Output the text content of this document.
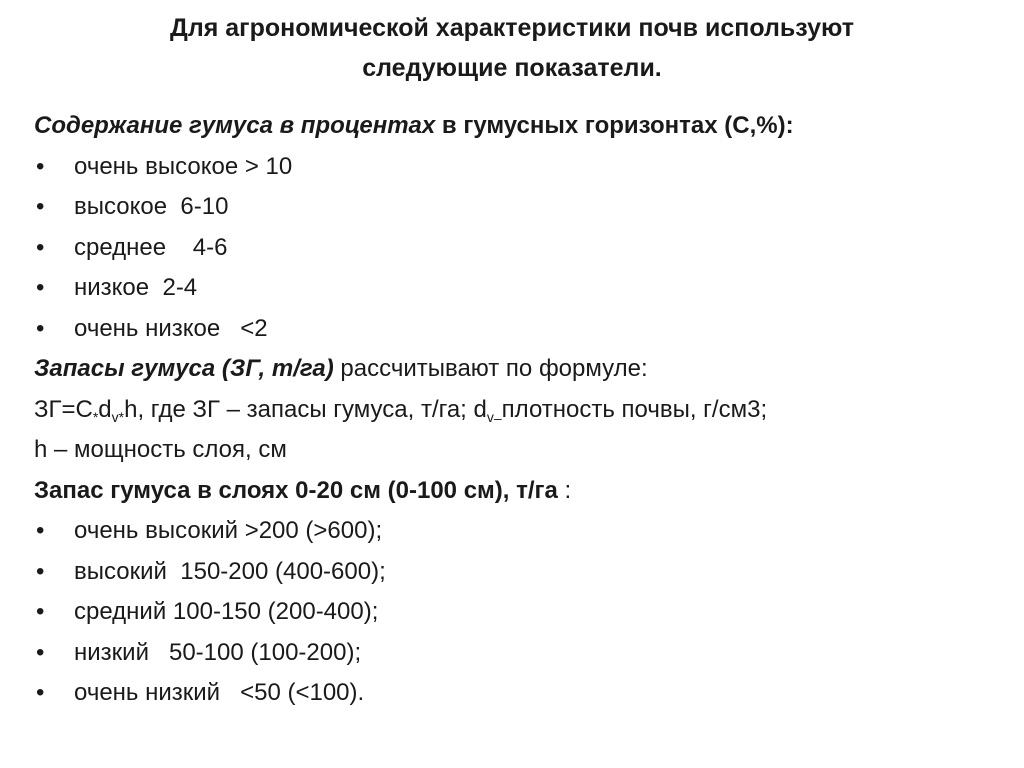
Для агрономической характеристики почв используют
следующие показатели.
Содержание гумуса в процентах в гумусных горизонтах (С,%):
•	очень высокое > 10
•	высокое  6-10
•	среднее    4-6
•	низкое  2-4
•	очень низкое   <2
Запасы гумуса (ЗГ, т/га) рассчитывают по формуле:
$ЗГ=С_*d_{v*}h$, где ЗГ – запасы гумуса, т/га; $d_{v-}плотность$ почвы, г/см3;
h – мощность слоя, см
Запас гумуса в слоях 0-20 см (0-100 см), т/га :
•	очень высокий >200 (>600);
•	высокий  150-200 (400-600);
•	средний 100-150 (200-400);
•	низкий   50-100 (100-200);
•	очень низкий   <50 (<100).
